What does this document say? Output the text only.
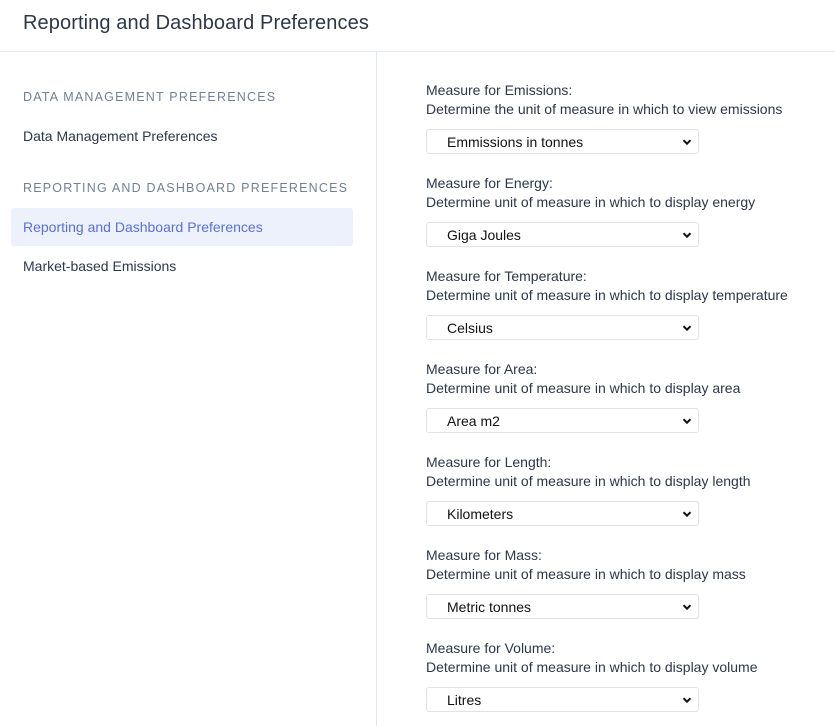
Reporting and Dashboard Preferences
DATA MANAGEMENT PREFERENCES
Data Management Preferences
REPORTING AND DASHBOARD PREFERENCES
Reporting and Dashboard Preferences
Market-based Emissions
Measure for Emissions:
Determine the unit of measure in which to view emissions
Emmissions in tonnes
Measure for Energy:
Determine unit of measure in which to display energy
Giga Joules
Measure for Temperature:
Determine unit of measure in which to display temperature
Celsius
Measure for Area:
Determine unit of measure in which to display area
Area m2
Measure for Length:
Determine unit of measure in which to display length
Kilometers
Measure for Mass:
Determine unit of measure in which to display mass
Metric tonnes
Measure for Volume:
Determine unit of measure in which to display volume
Litres
